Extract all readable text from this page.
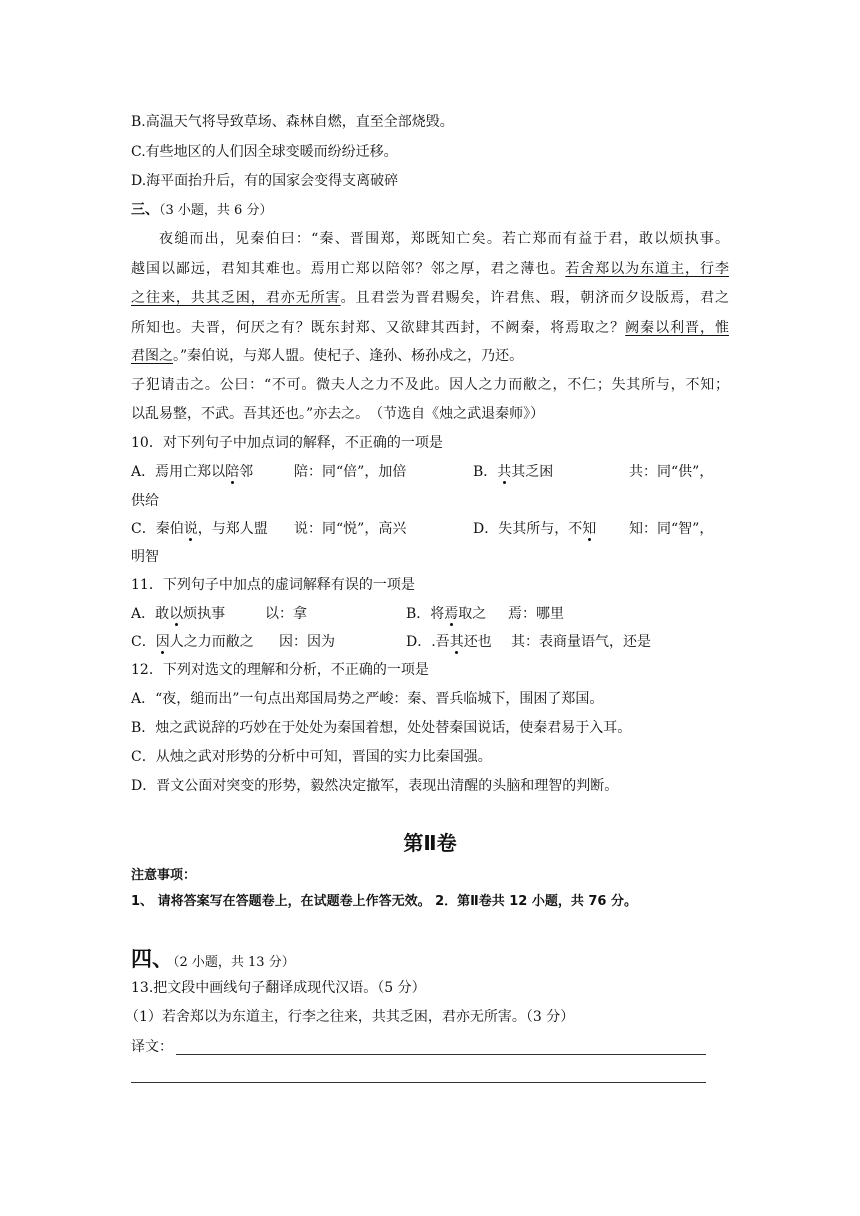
B.高温天气将导致草场、森林自燃，直至全部烧毁。
C.有些地区的人们因全球变暖而纷纷迁移。
D.海平面抬升后，有的国家会变得支离破碎
三、（3 小题，共 6 分）
夜缒而出，见秦伯曰：“秦、晋围郑，郑既知亡矣。若亡郑而有益于君，敢以烦执事。
越国以鄙远，君知其难也。焉用亡郑以陪邻？邻之厚，君之薄也。若舍郑以为东道主，行李
之往来，共其乏困，君亦无所害。且君尝为晋君赐矣，许君焦、瑕，朝济而夕设版焉，君之
所知也。夫晋，何厌之有？既东封郑、又欲肆其西封，不阙秦，将焉取之？阙秦以利晋，惟
君图之。”秦伯说，与郑人盟。使杞子、逢孙、杨孙戍之，乃还。
子犯请击之。公曰：“不可。微夫人之力不及此。因人之力而敝之，不仁；失其所与，不知；
以乱易整，不武。吾其还也。”亦去之。　（节选自《烛之武退秦师》）
10．对下列句子中加点词的解释，不正确的一项是
A．焉用亡郑以陪邻	陪：同“倍”，加倍	B．共其乏困	共：同“供”，
供给
C．秦伯说，与郑人盟 说：同“悦”，高兴	D．失其所与，不知 知：同“智”，
明智
11．下列句子中加点的虚词解释有误的一项是
A．敢以烦执事	以：拿	B．将焉取之 焉：哪里
C．因人之力而敝之 因：因为	D．.吾其还也 其：表商量语气，还是
12．下列对选文的理解和分析，不正确的一项是
A．“夜，缒而出”一句点出郑国局势之严峻：秦、晋兵临城下，围困了郑国。
B．烛之武说辞的巧妙在于处处为秦国着想，处处替秦国说话，使秦君易于入耳。
C．从烛之武对形势的分析中可知，晋国的实力比秦国强。
D．晋文公面对突变的形势，毅然决定撤军，表现出清醒的头脑和理智的判断。
第Ⅱ卷
注意事项：
1、 请将答案写在答题卷上，在试题卷上作答无效。 2．第Ⅱ卷共 12 小题，共 76 分。
四、（2 小题，共 13 分）
13.把文段中画线句子翻译成现代汉语。（5 分）
（1）若舍郑以为东道主，行李之往来，共其乏困，君亦无所害。（3 分）
译文：
